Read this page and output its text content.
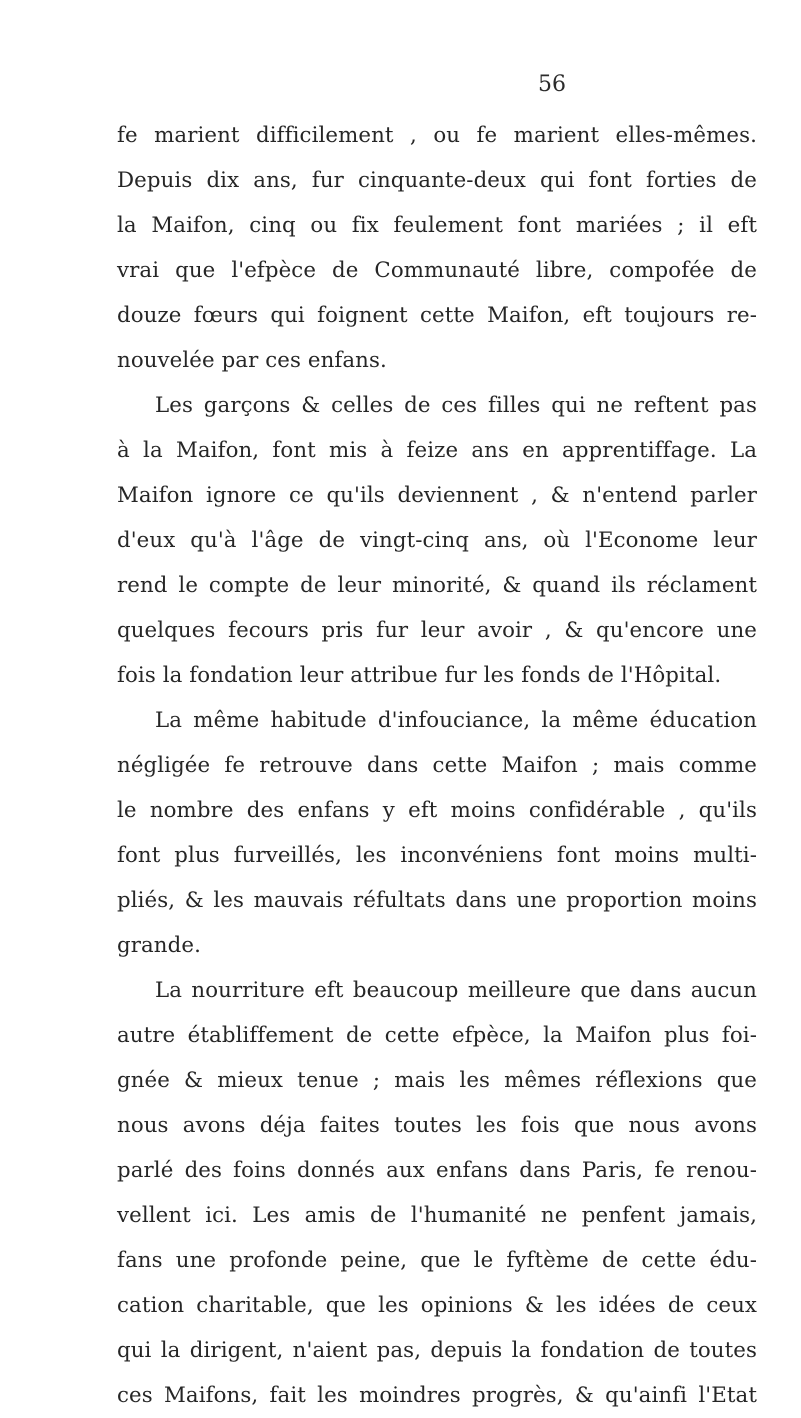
56
fe marient difficilement , ou fe marient elles-mêmes.
Depuis dix ans, fur cinquante-deux qui font forties de
la Maifon, cinq ou fix feulement font mariées ; il eft
vrai que l'efpèce de Communauté libre, compofée de
douze fœurs qui foignent cette Maifon, eft toujours re-
nouvelée par ces enfans.
Les garçons & celles de ces filles qui ne reftent pas
à la Maifon, font mis à feize ans en apprentiffage. La
Maifon ignore ce qu'ils deviennent , & n'entend parler
d'eux qu'à l'âge de vingt-cinq ans, où l'Econome leur
rend le compte de leur minorité, & quand ils réclament
quelques fecours pris fur leur avoir , & qu'encore une
fois la fondation leur attribue fur les fonds de l'Hôpital.
La même habitude d'infouciance, la même éducation
négligée fe retrouve dans cette Maifon ; mais comme
le nombre des enfans y eft moins confidérable , qu'ils
font plus furveillés, les inconvéniens font moins multi-
pliés, & les mauvais réfultats dans une proportion moins
grande.
La nourriture eft beaucoup meilleure que dans aucun
autre établiffement de cette efpèce, la Maifon plus foi-
gnée & mieux tenue ; mais les mêmes réflexions que
nous avons déja faites toutes les fois que nous avons
parlé des foins donnés aux enfans dans Paris, fe renou-
vellent ici. Les amis de l'humanité ne penfent jamais,
fans une profonde peine, que le fyftème de cette édu-
cation charitable, que les opinions & les idées de ceux
qui la dirigent, n'aient pas, depuis la fondation de toutes
ces Maifons, fait les moindres progrès, & qu'ainfi l'Etat
